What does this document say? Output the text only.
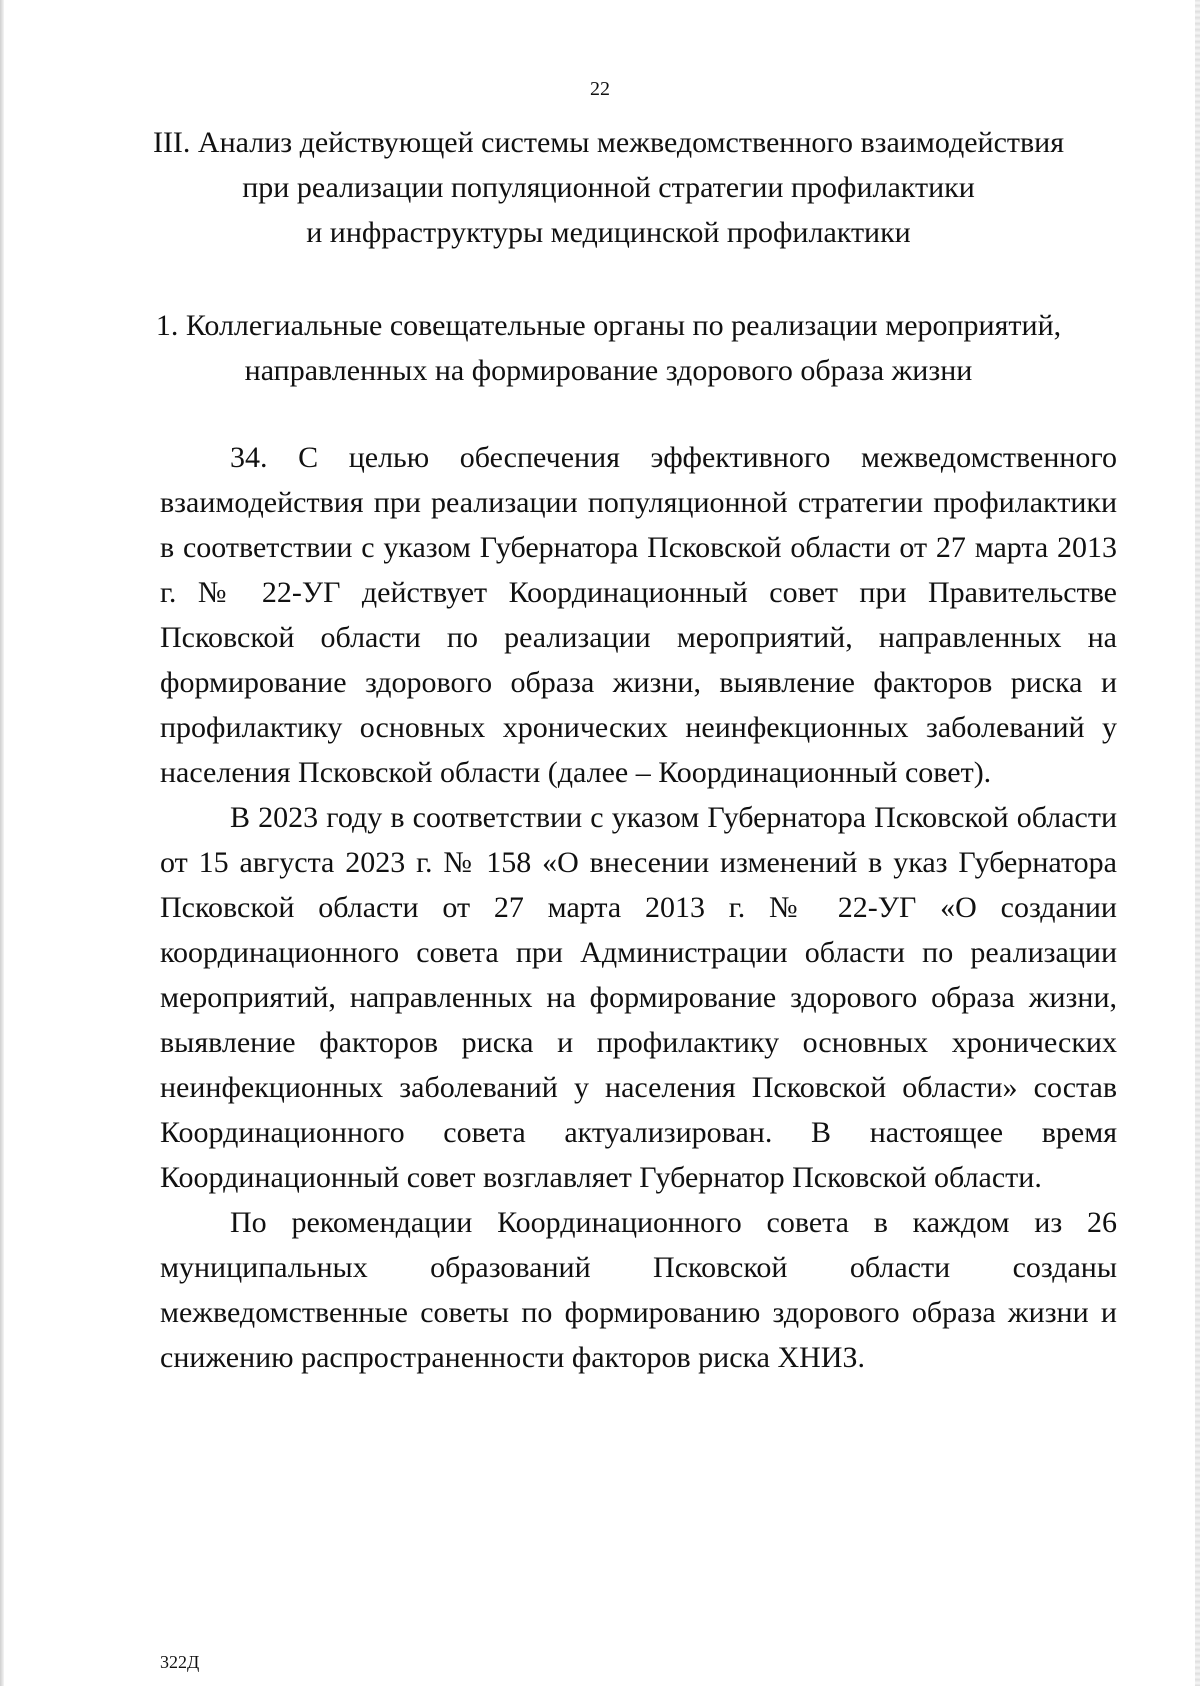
22
III. Анализ действующей системы межведомственного взаимодействия
при реализации популяционной стратегии профилактики
и инфраструктуры медицинской профилактики
1. Коллегиальные совещательные органы по реализации мероприятий,
направленных на формирование здорового образа жизни

34. С целью обеспечения эффективного межведомственного взаимодействия при реализации популяционной стратегии профилактики в соответствии с указом Губернатора Псковской области от 27 марта 2013 г. № 22-УГ действует Координационный совет при Правительстве Псковской области по реализации мероприятий, направленных на формирование здорового образа жизни, выявление факторов риска и профилактику основных хронических неинфекционных заболеваний у населения Псковской области (далее – Координационный совет).

В 2023 году в соответствии с указом Губернатора Псковской области от 15 августа 2023 г. № 158 «О внесении изменений в указ Губернатора Псковской области от 27 марта 2013 г. № 22-УГ «О создании координационного совета при Администрации области по реализации мероприятий, направленных на формирование здорового образа жизни, выявление факторов риска и профилактику основных хронических неинфекционных заболеваний у населения Псковской области» состав Координационного совета актуализирован. В настоящее время Координационный совет возглавляет Губернатор Псковской области.

По рекомендации Координационного совета в каждом из 26 муниципальных образований Псковской области созданы межведомственные советы по формированию здорового образа жизни и снижению распространенности факторов риска ХНИЗ.

322Д
